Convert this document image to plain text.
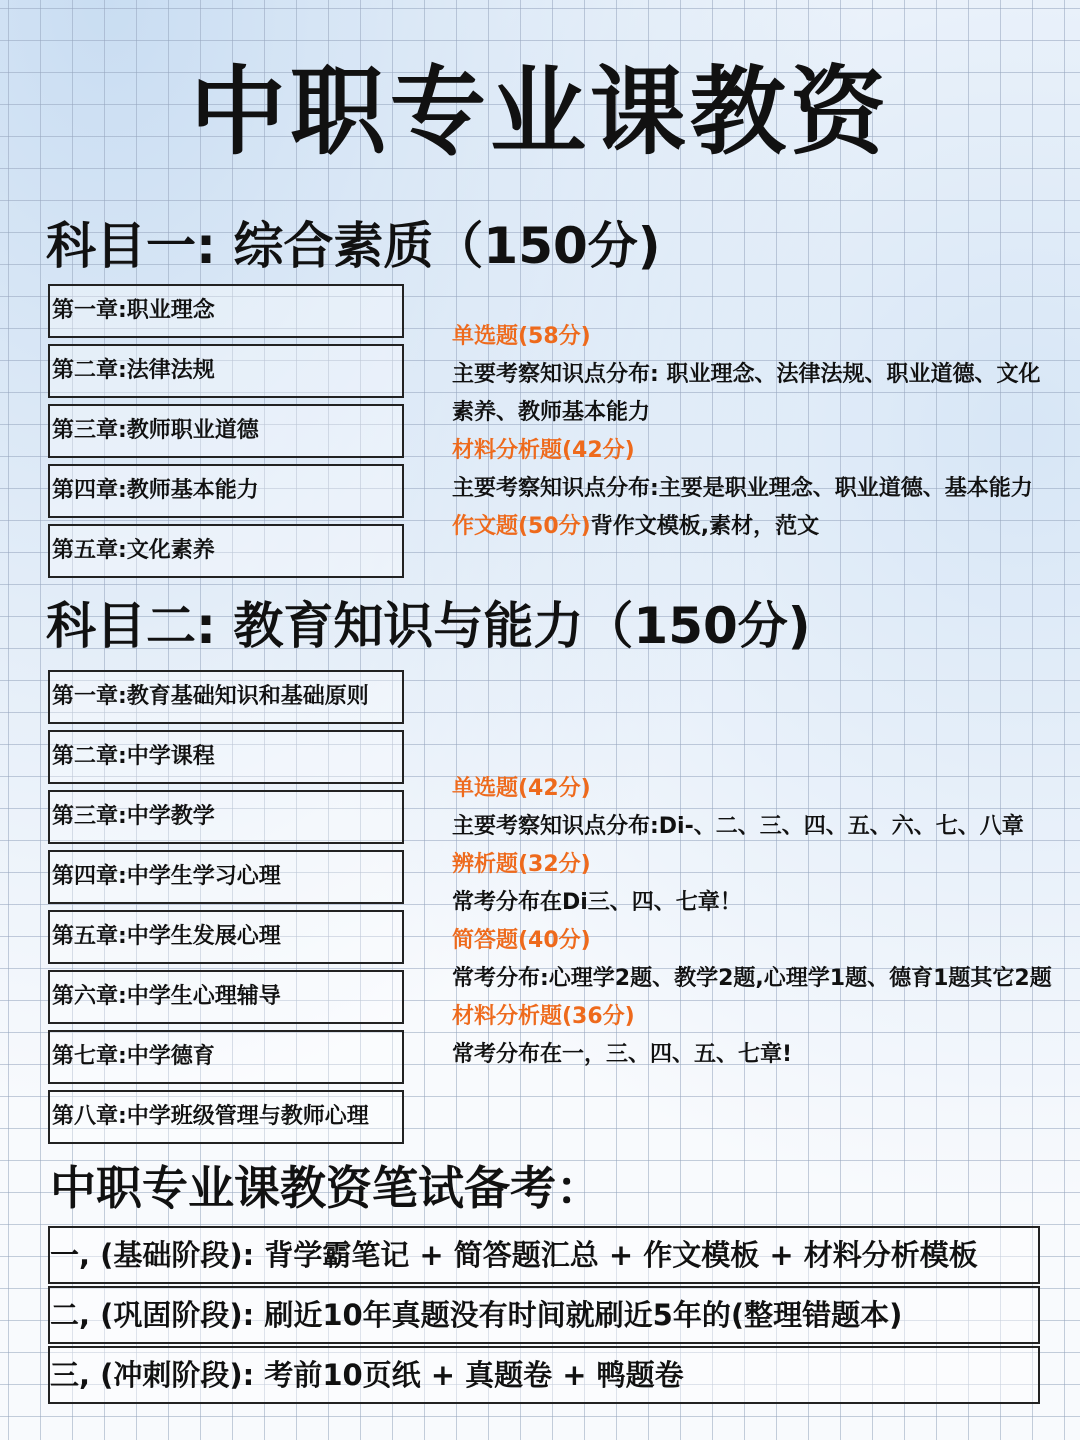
中职专业课教资
科目一: 综合素质（150分)
第一章:职业理念
第二章:法律法规
第三章:教师职业道德
第四章:教师基本能力
第五章:文化素养

单选题(58分)

主要考察知识点分布: 职业理念、法律法规、职业道德、文化素养、教师基本能力

材料分析题(42分)

主要考察知识点分布:主要是职业理念、职业道德、基本能力

作文题(50分)背作文模板,素材，范文

科目二: 教育知识与能力（150分)
第一章:教育基础知识和基础原则
第二章:中学课程
第三章:中学教学
第四章:中学生学习心理
第五章:中学生发展心理
第六章:中学生心理辅导
第七章:中学德育
第八章:中学班级管理与教师心理

单选题(42分)

主要考察知识点分布:Di-、二、三、四、五、六、七、八章

辨析题(32分)

常考分布在Di三、四、七章！

简答题(40分)

常考分布:心理学2题、教学2题,心理学1题、德育1题其它2题

材料分析题(36分)

常考分布在一，三、四、五、七章!

中职专业课教资笔试备考：
一, (基础阶段): 背学霸笔记 + 简答题汇总 + 作文模板 + 材料分析模板
二, (巩固阶段): 刷近10年真题没有时间就刷近5年的(整理错题本)
三, (冲刺阶段): 考前10页纸 + 真题卷 + 鸭题卷
